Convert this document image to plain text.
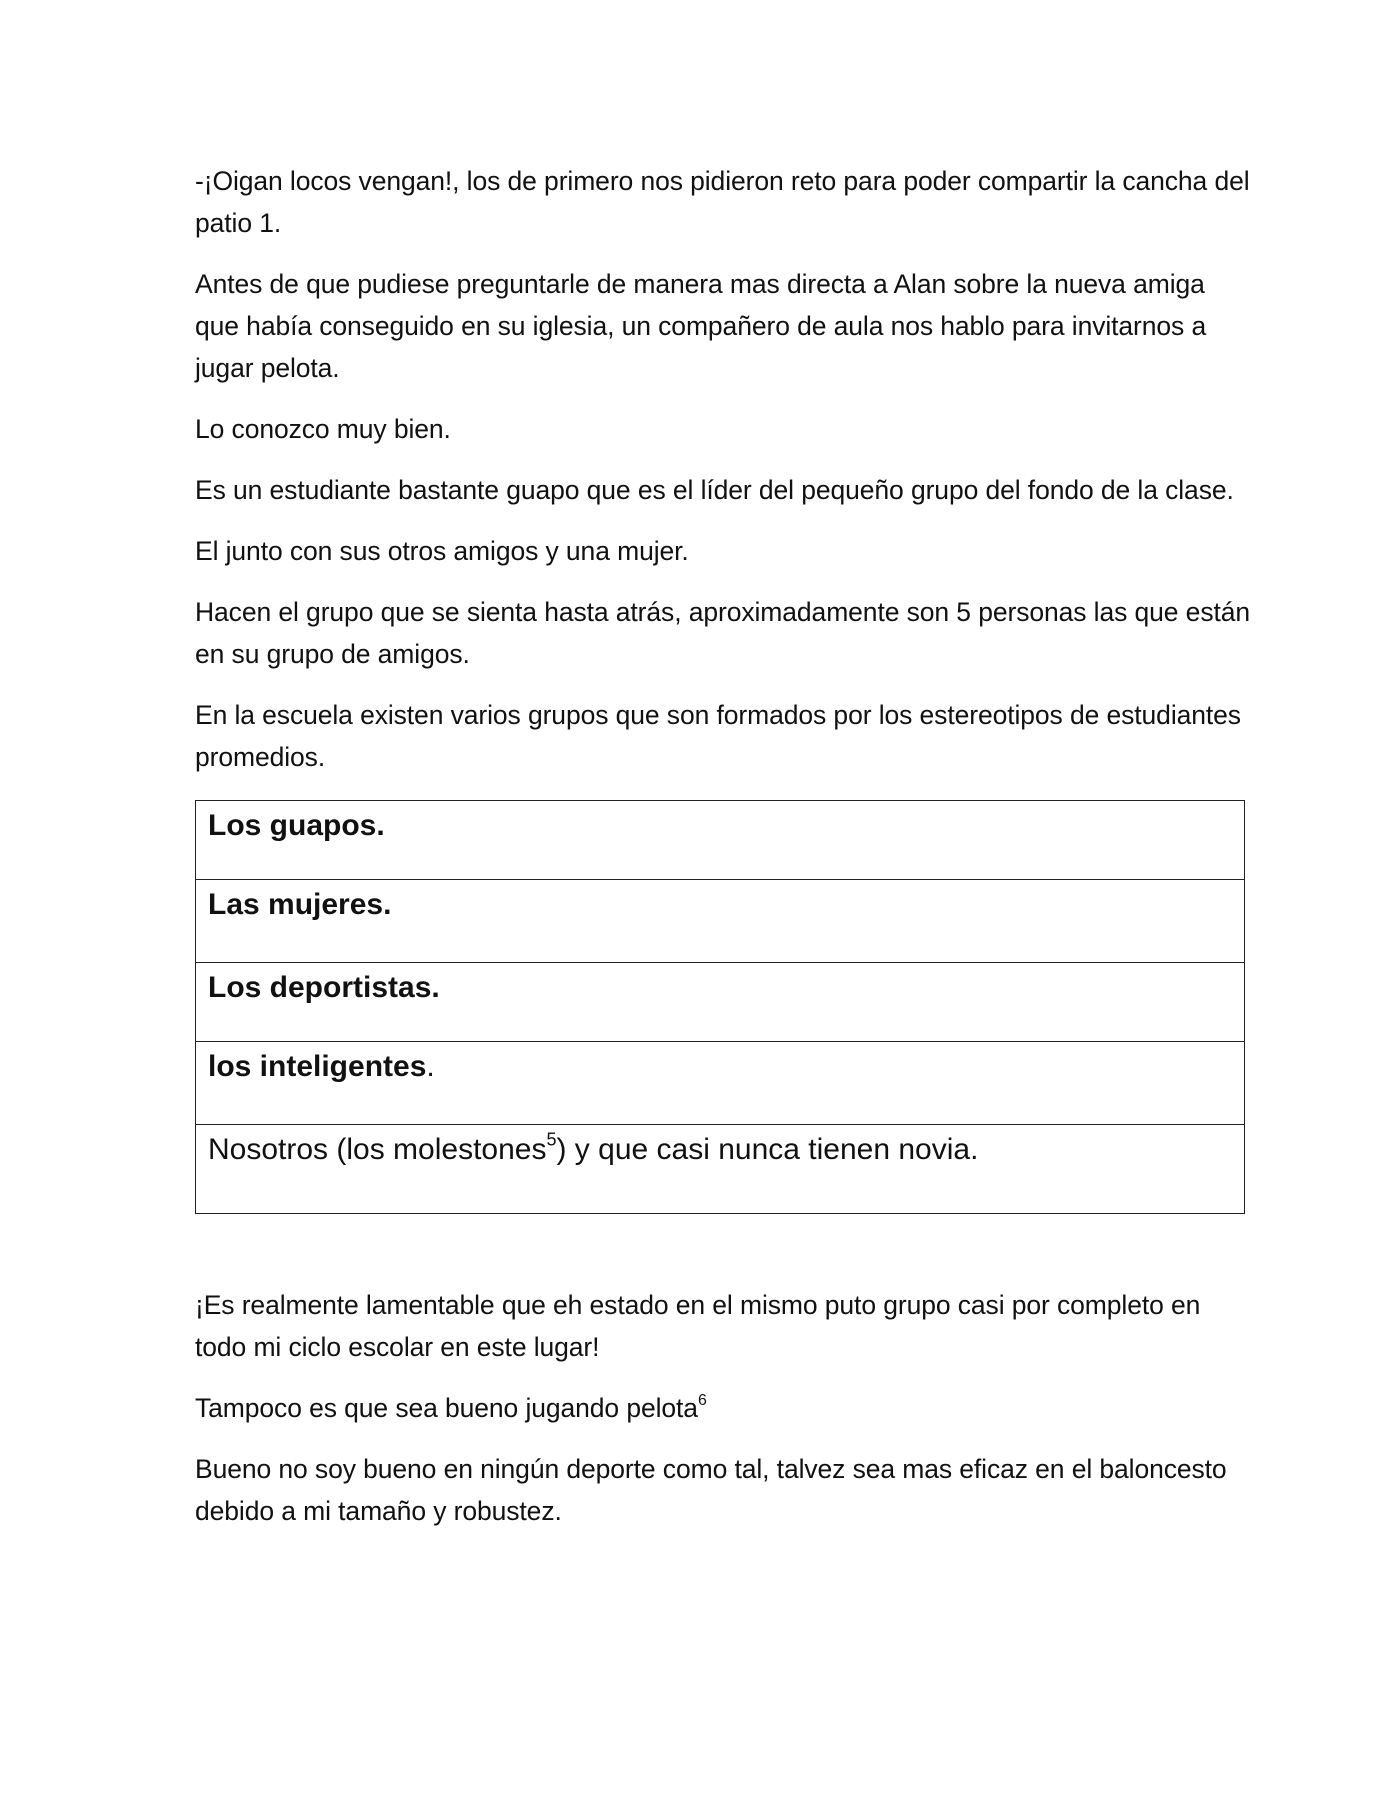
-¡Oigan locos vengan!, los de primero nos pidieron reto para poder compartir la cancha del patio 1.

Antes de que pudiese preguntarle de manera mas directa a Alan sobre la nueva amiga que había conseguido en su iglesia, un compañero de aula nos hablo para invitarnos a jugar pelota.

Lo conozco muy bien.

Es un estudiante bastante guapo que es el líder del pequeño grupo del fondo de la clase.

El junto con sus otros amigos y una mujer.

Hacen el grupo que se sienta hasta atrás, aproximadamente son 5 personas las que están en su grupo de amigos.

En la escuela existen varios grupos que son formados por los estereotipos de estudiantes promedios.

Los guapos.
Las mujeres.
Los deportistas.
los inteligentes.
Nosotros (los molestones$^5$) y que casi nunca tienen novia.

¡Es realmente lamentable que eh estado en el mismo puto grupo casi por completo en todo mi ciclo escolar en este lugar!

Tampoco es que sea bueno jugando pelota$^6$

Bueno no soy bueno en ningún deporte como tal, talvez sea mas eficaz en el baloncesto debido a mi tamaño y robustez.
